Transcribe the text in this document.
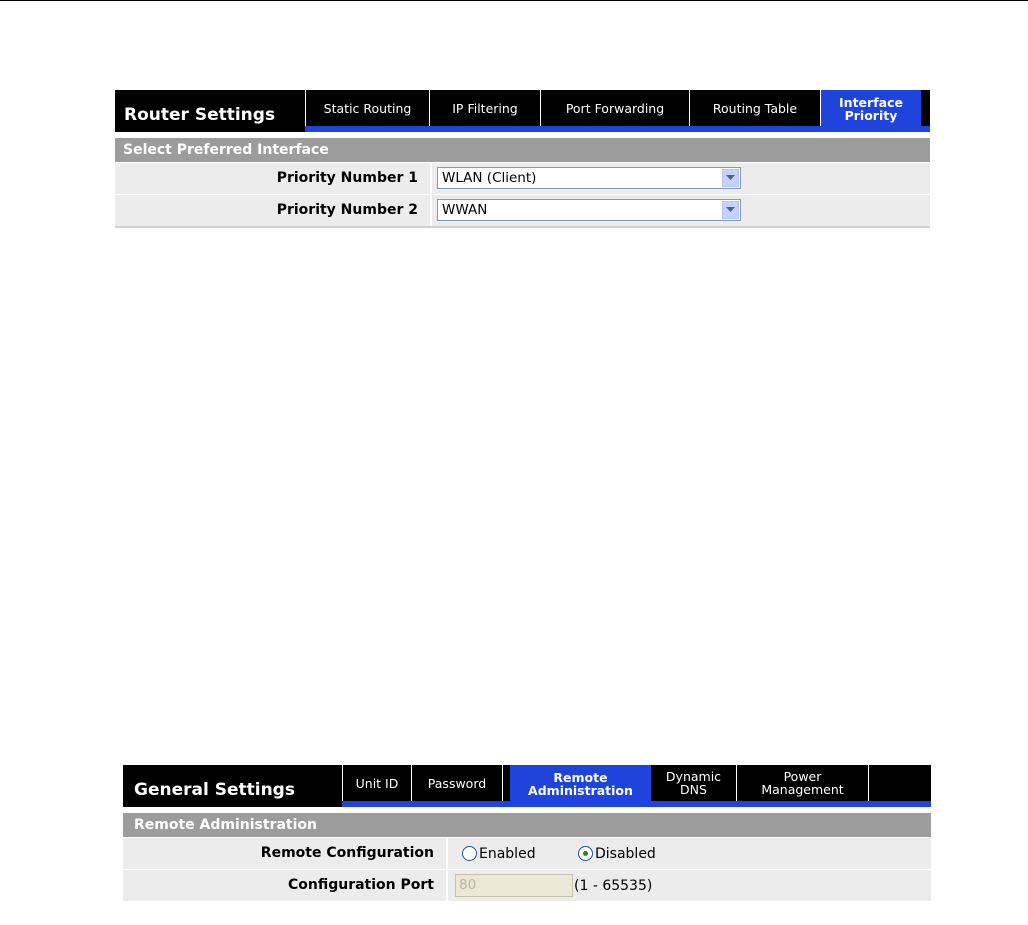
Router Settings	Static Routing	IP Filtering	Port Forwarding	Routing Table	Interface
Priority
Select Preferred Interface
Priority Number 1	WLAN (Client)
Priority Number 2	WWAN
General Settings	Unit ID Password	Remote
Administration
Dynamic
DNS
Power
Management
Remote Administration
Remote Configuration	Enabled	Disabled
Configuration Port 80	(1 - 65535)
